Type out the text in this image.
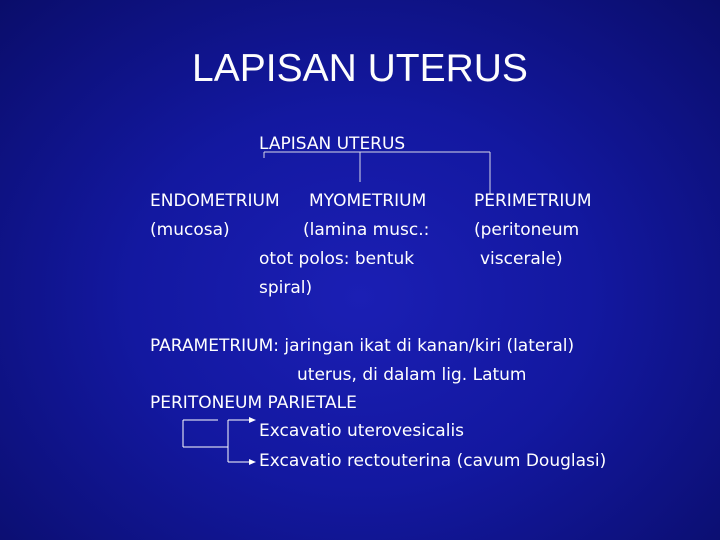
LAPISAN UTERUS
LAPISAN UTERUS
ENDOMETRIUM
(mucosa)
MYOMETRIUM
(lamina musc.:
otot polos: bentuk
spiral)
PERIMETRIUM
(peritoneum
viscerale)
PARAMETRIUM: jaringan ikat di kanan/kiri (lateral)
uterus, di dalam lig. Latum
PERITONEUM PARIETALE
Excavatio uterovesicalis
Excavatio rectouterina (cavum Douglasi)
